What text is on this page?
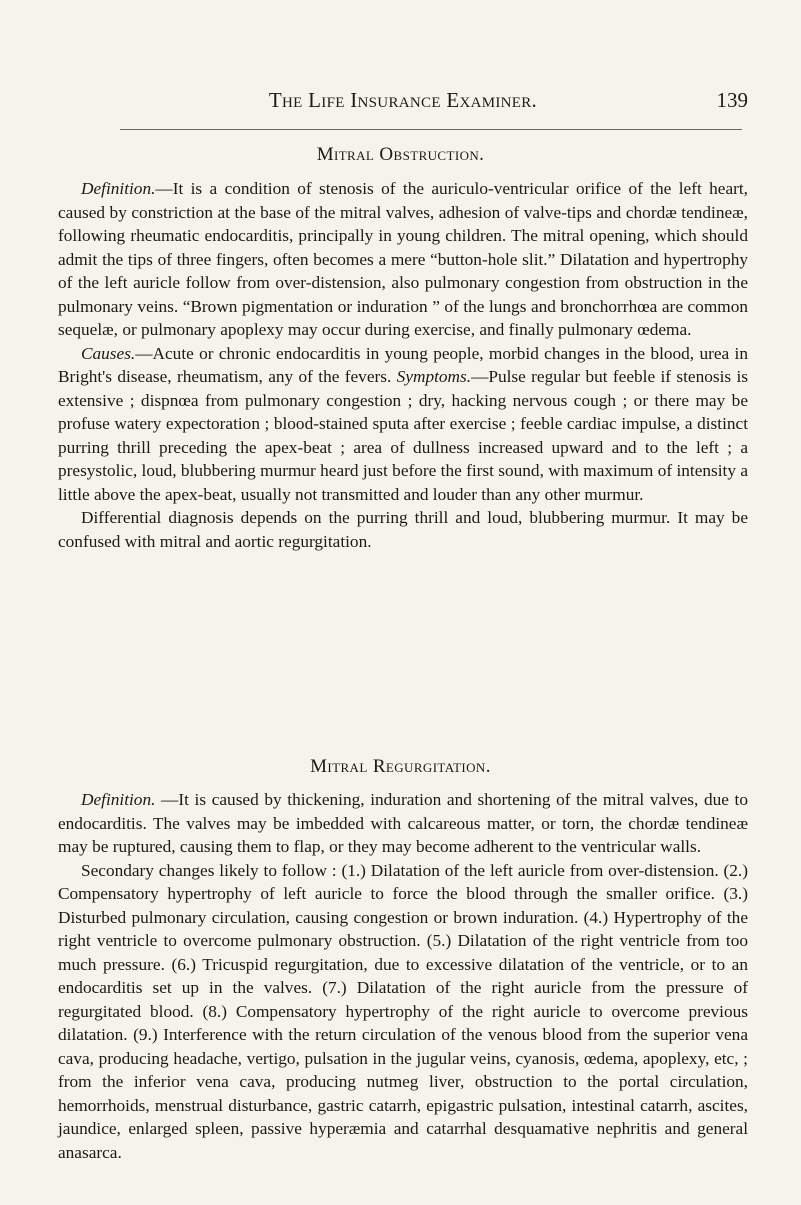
The Life Insurance Examiner.	139
Mitral Obstruction.

Definition.—It is a condition of stenosis of the auriculo-ventricular orifice of the left heart, caused by constriction at the base of the mitral valves, adhesion of valve-tips and chordæ tendineæ, following rheumatic endocarditis, principally in young children. The mitral opening, which should admit the tips of three fingers, often becomes a mere “button-hole slit.” Dilatation and hypertrophy of the left auricle follow from over-distension, also pulmonary congestion from obstruction in the pulmonary veins. “Brown pigmentation or induration ” of the lungs and bronchorrhœa are common sequelæ, or pulmonary apoplexy may occur during exercise, and finally pulmonary œdema.

Causes.—Acute or chronic endocarditis in young people, morbid changes in the blood, urea in Bright's disease, rheumatism, any of the fevers. Symptoms.—Pulse regular but feeble if stenosis is extensive ; dispnœa from pulmonary congestion ; dry, hacking nervous cough ; or there may be profuse watery expectoration ; blood-stained sputa after exercise ; feeble cardiac impulse, a distinct purring thrill preceding the apex-beat ; area of dullness increased upward and to the left ; a presystolic, loud, blubbering murmur heard just before the first sound, with maximum of intensity a little above the apex-beat, usually not transmitted and louder than any other murmur.

Differential diagnosis depends on the purring thrill and loud, blubbering murmur. It may be confused with mitral and aortic regurgitation.

Mitral Regurgitation.

Definition. —It is caused by thickening, induration and shortening of the mitral valves, due to endocarditis. The valves may be imbedded with calcareous matter, or torn, the chordæ tendineæ may be ruptured, causing them to flap, or they may become adherent to the ventricular walls.

Secondary changes likely to follow : (1.) Dilatation of the left auricle from over-distension. (2.) Compensatory hypertrophy of left auricle to force the blood through the smaller orifice. (3.) Disturbed pulmonary circulation, causing congestion or brown induration. (4.) Hypertrophy of the right ventricle to overcome pulmonary obstruction. (5.) Dilatation of the right ventricle from too much pressure. (6.) Tricuspid regurgitation, due to excessive dilatation of the ventricle, or to an endocarditis set up in the valves. (7.) Dilatation of the right auricle from the pressure of regurgitated blood. (8.) Compensatory hypertrophy of the right auricle to overcome previous dilatation. (9.) Interference with the return circulation of the venous blood from the superior vena cava, producing headache, vertigo, pulsation in the jugular veins, cyanosis, œdema, apoplexy, etc, ; from the inferior vena cava, producing nutmeg liver, obstruction to the portal circulation, hemorrhoids, menstrual disturbance, gastric catarrh, epigastric pulsation, intestinal catarrh, ascites, jaundice, enlarged spleen, passive hyperæmia and catarrhal desquamative nephritis and general anasarca.
